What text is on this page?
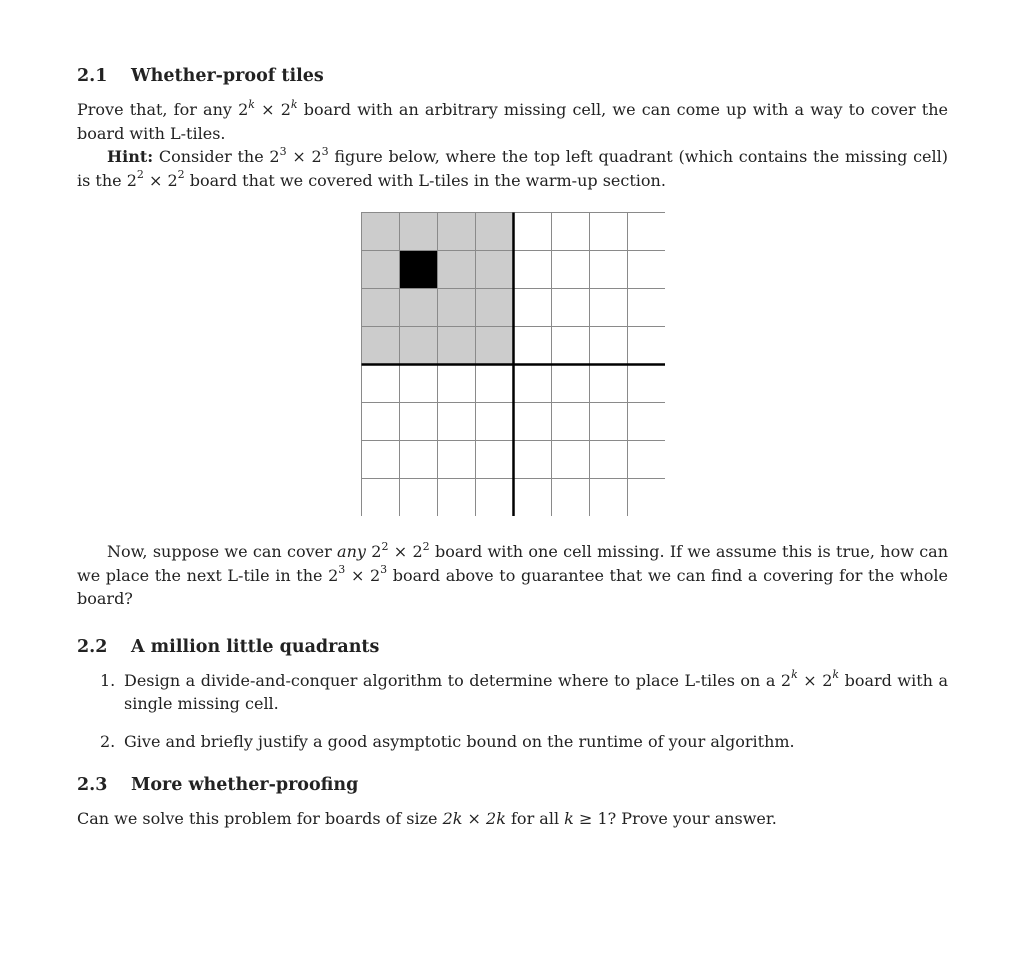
2.1	Whether-proof tiles

Prove that, for any $2^k \times 2^k$ board with an arbitrary missing cell, we can come up with a way to cover the board with L-tiles.

Hint: Consider the $2^3 \times 2^3$ figure below, where the top left quadrant (which contains the missing cell) is the $2^2 \times 2^2$ board that we covered with L-tiles in the warm-up section.

Now, suppose we can cover any $2^2 \times 2^2$ board with one cell missing. If we assume this is true, how can we place the next L-tile in the $2^3 \times 2^3$ board above to guarantee that we can find a covering for the whole board?

2.2	A million little quadrants
1. Design a divide-and-conquer algorithm to determine where to place L-tiles on a $2^k \times 2^k$ board with a single missing cell.
2. Give and briefly justify a good asymptotic bound on the runtime of your algorithm.
2.3	More whether-proofing

Can we solve this problem for boards of size 2k × 2k for all k ≥ 1? Prove your answer.
